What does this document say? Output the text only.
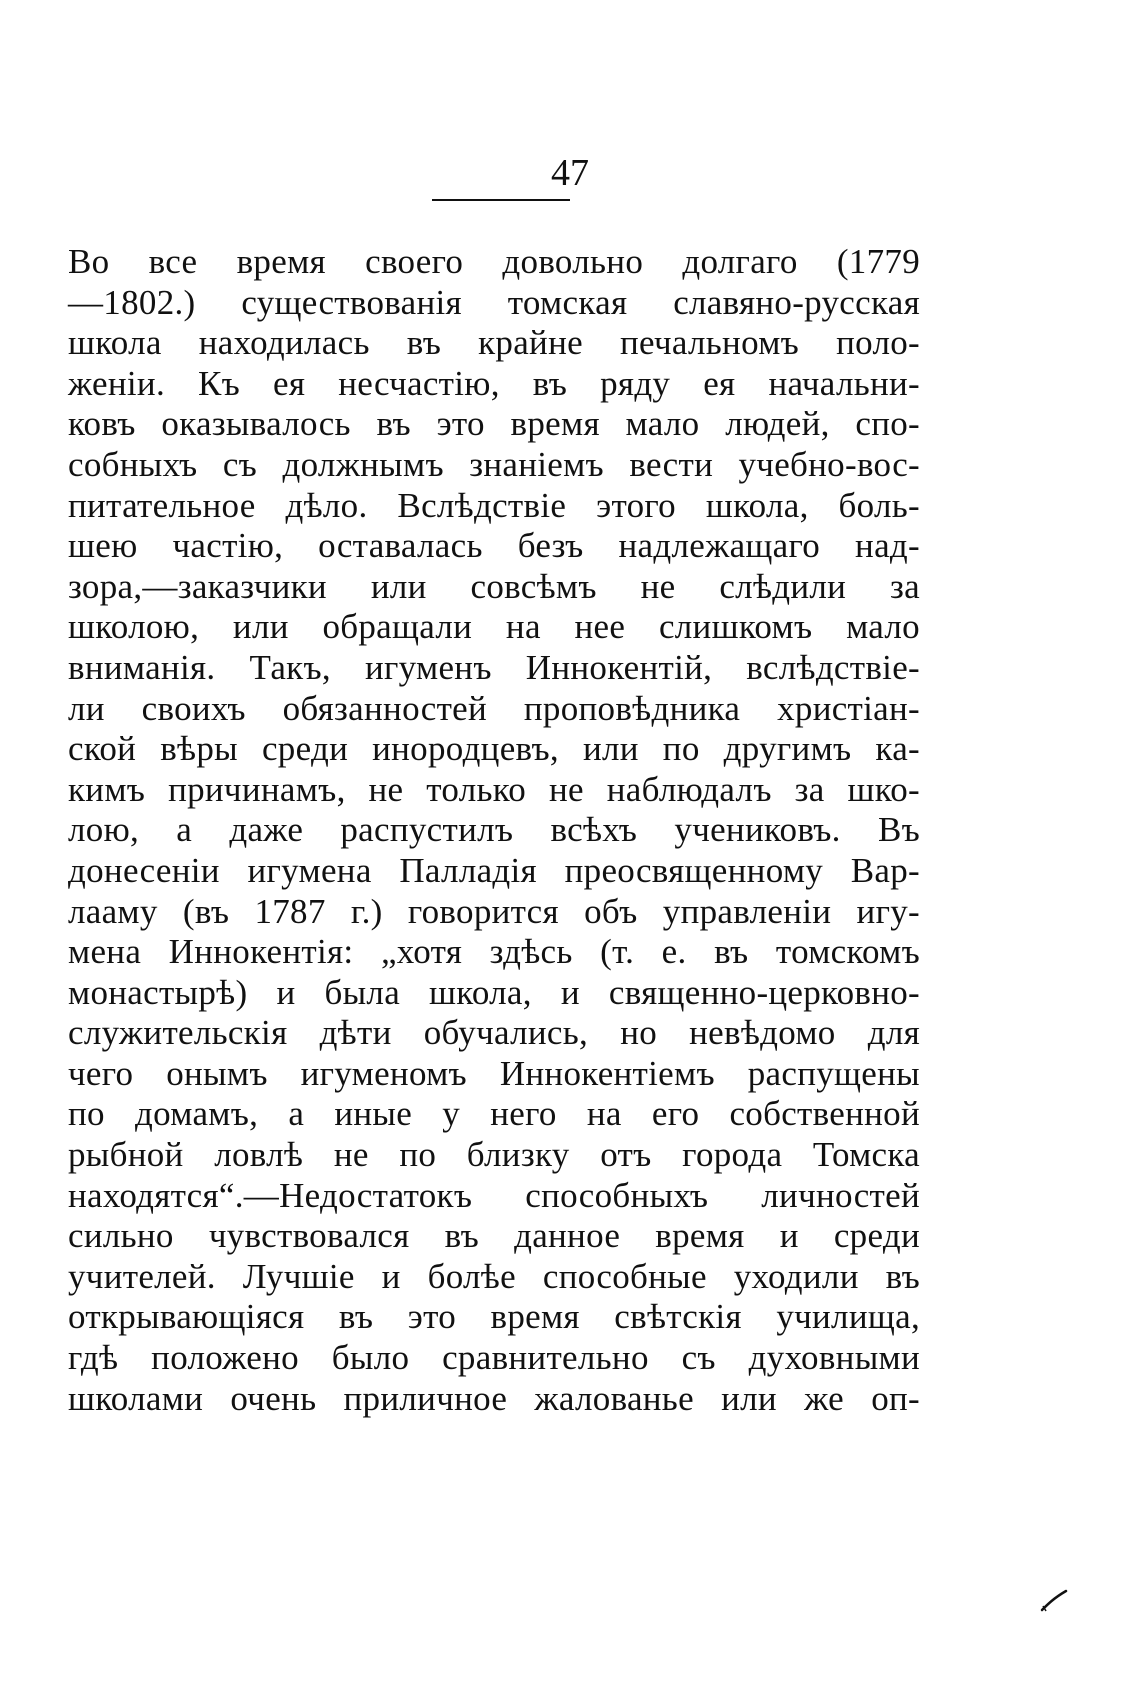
47
Во все время своего довольно долгаго (1779
—1802.) существованія томская славяно-русская
школа находилась въ крайне печальномъ поло-
женіи. Къ ея несчастію, въ ряду ея начальни-
ковъ оказывалось въ это время мало людей, спо-
собныхъ съ должнымъ знаніемъ вести учебно-вос-
питательное дѣло. Вслѣдствіе этого школа, боль-
шею частію, оставалась безъ надлежащаго над-
зора,—заказчики или совсѣмъ не слѣдили за
школою, или обращали на нее слишкомъ мало
вниманія. Такъ, игуменъ Иннокентій, вслѣдствіе-
ли своихъ обязанностей проповѣдника христіан-
ской вѣры среди инородцевъ, или по другимъ ка-
кимъ причинамъ, не только не наблюдалъ за шко-
лою, а даже распустилъ всѣхъ учениковъ. Въ
донесеніи игумена Палладія преосвященному Вар-
лааму (въ 1787 г.) говорится объ управленіи игу-
мена Иннокентія: „хотя здѣсь (т. е. въ томскомъ
монастырѣ) и была школа, и священно-церковно-
служительскія дѣти обучались, но невѣдомо для
чего онымъ игуменомъ Иннокентіемъ распущены
по домамъ, а иные у него на его собственной
рыбной ловлѣ не по близку отъ города Томска
находятся“.—Недостатокъ способныхъ личностей
сильно чувствовался въ данное время и среди
учителей. Лучшіе и болѣе способные уходили въ
открывающіяся въ это время свѣтскія училища,
гдѣ положено было сравнительно съ духовными
школами очень приличное жалованье или же оп-
